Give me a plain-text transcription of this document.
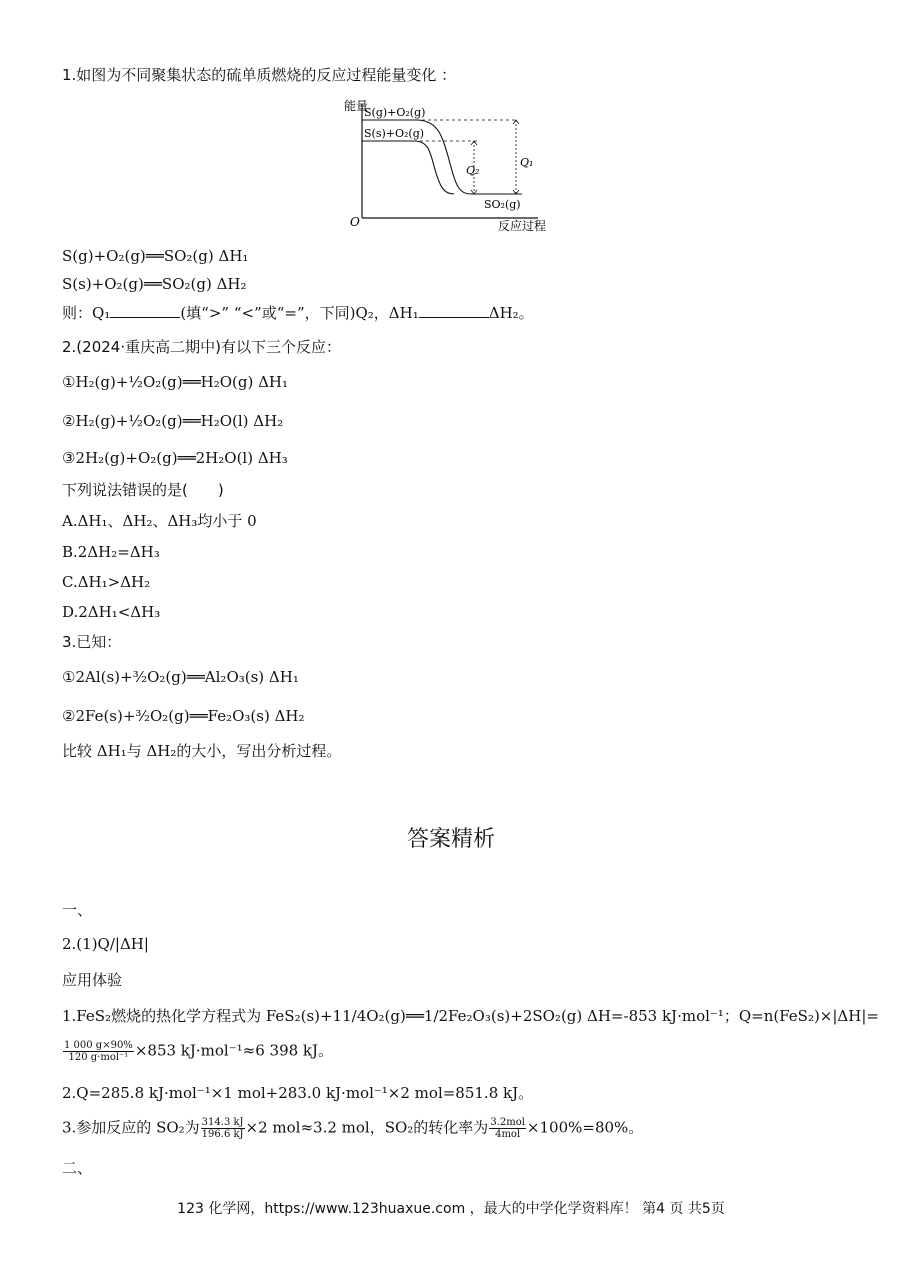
1.如图为不同聚集状态的硫单质燃烧的反应过程能量变化 ：
能量
O	反应过程
S(g)+O₂(g)
S(s)+O₂(g)
SO₂(g)
Q₁
Q₂
S(g)+O₂(g)══SO₂(g) ΔH₁
S(s)+O₂(g)══SO₂(g) ΔH₂
则：Q₁	(填“>” “<”或“=”，下同)Q₂，ΔH₁	ΔH₂。
2.(2024·重庆高二期中)有以下三个反应：
①H₂(g)+½O₂(g)══H₂O(g) ΔH₁
②H₂(g)+½O₂(g)══H₂O(l) ΔH₂
③2H₂(g)+O₂(g)══2H₂O(l) ΔH₃
下列说法错误的是(　　)
A.ΔH₁、ΔH₂、ΔH₃均小于 0
B.2ΔH₂=ΔH₃
C.ΔH₁>ΔH₂
D.2ΔH₁<ΔH₃
3.已知：
①2Al(s)+³⁄₂O₂(g)══Al₂O₃(s) ΔH₁
②2Fe(s)+³⁄₂O₂(g)══Fe₂O₃(s) ΔH₂
比较 ΔH₁与 ΔH₂的大小，写出分析过程。
答案精析
一、
2.(1)Q/|ΔH|
应用体验
1.FeS₂燃烧的热化学方程式为 FeS₂(s)+11/4O₂(g)══1/2Fe₂O₃(s)+2SO₂(g) ΔH=-853 kJ·mol⁻¹；Q=n(FeS₂)×|ΔH|=
$\frac{1 000 g\times 90\%}{\text{120 g·mol⁻¹}} \times 853$ kJ·mol⁻¹≈6 398 kJ。
2.Q=285.8 kJ·mol⁻¹×1 mol+283.0 kJ·mol⁻¹×2 mol=851.8 kJ。
3.参加反应的 SO₂为 $\frac{314.3 kJ}{196.6 kJ} \times 2$ mol≈3.2 mol，SO₂的转化率为 $\frac{\text{3.2mol}}{\text{4mol}} \times 100\%=80\%$。
二、
123 化学网，https://www.123huaxue.com ，最大的中学化学资料库！ 第4 页 共5页
